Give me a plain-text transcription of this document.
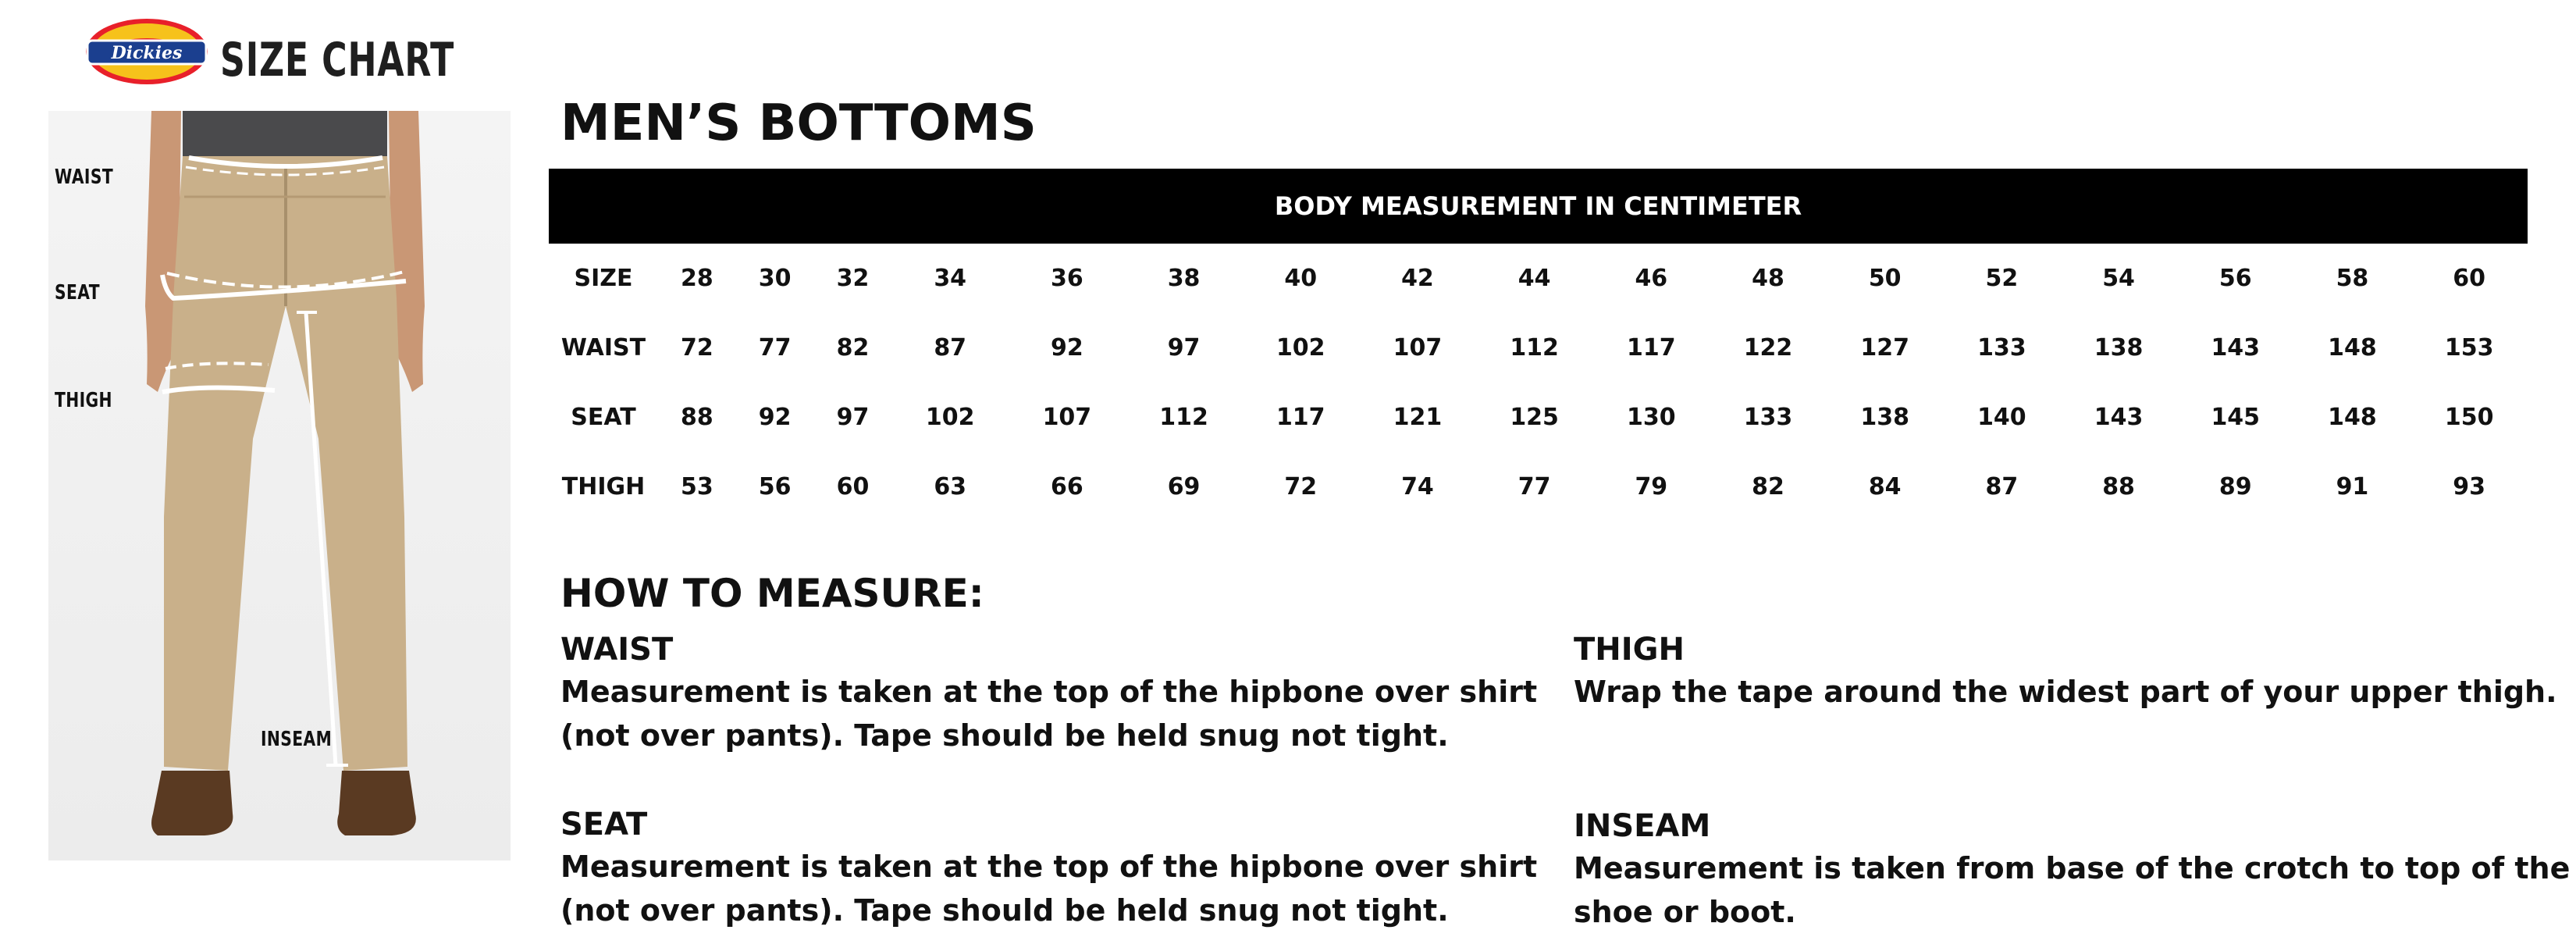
Dickies SIZE CHART
WAIST
SEAT
THIGH
INSEAM
MEN’S BOTTOMS
BODY MEASUREMENT IN CENTIMETER
SIZE	28	30	32	34	36	38	40	42	44	46	48	50	52	54	56	58	60
WAIST	72	77	82	87	92	97	102	107	112	117	122	127	133	138	143	148	153
SEAT	88	92	97	102	107	112	117	121	125	130	133	138	140	143	145	148	150
THIGH	53	56	60	63	66	69	72	74	77	79	82	84	87	88	89	91	93
HOW TO MEASURE:
WAIST
Measurement is taken at the top of the hipbone over shirt
(not over pants). Tape should be held snug not tight.
SEAT
Measurement is taken at the top of the hipbone over shirt
(not over pants). Tape should be held snug not tight.
THIGH
Wrap the tape around the widest part of your upper thigh.
INSEAM
Measurement is taken from base of the crotch to top of the
shoe or boot.
